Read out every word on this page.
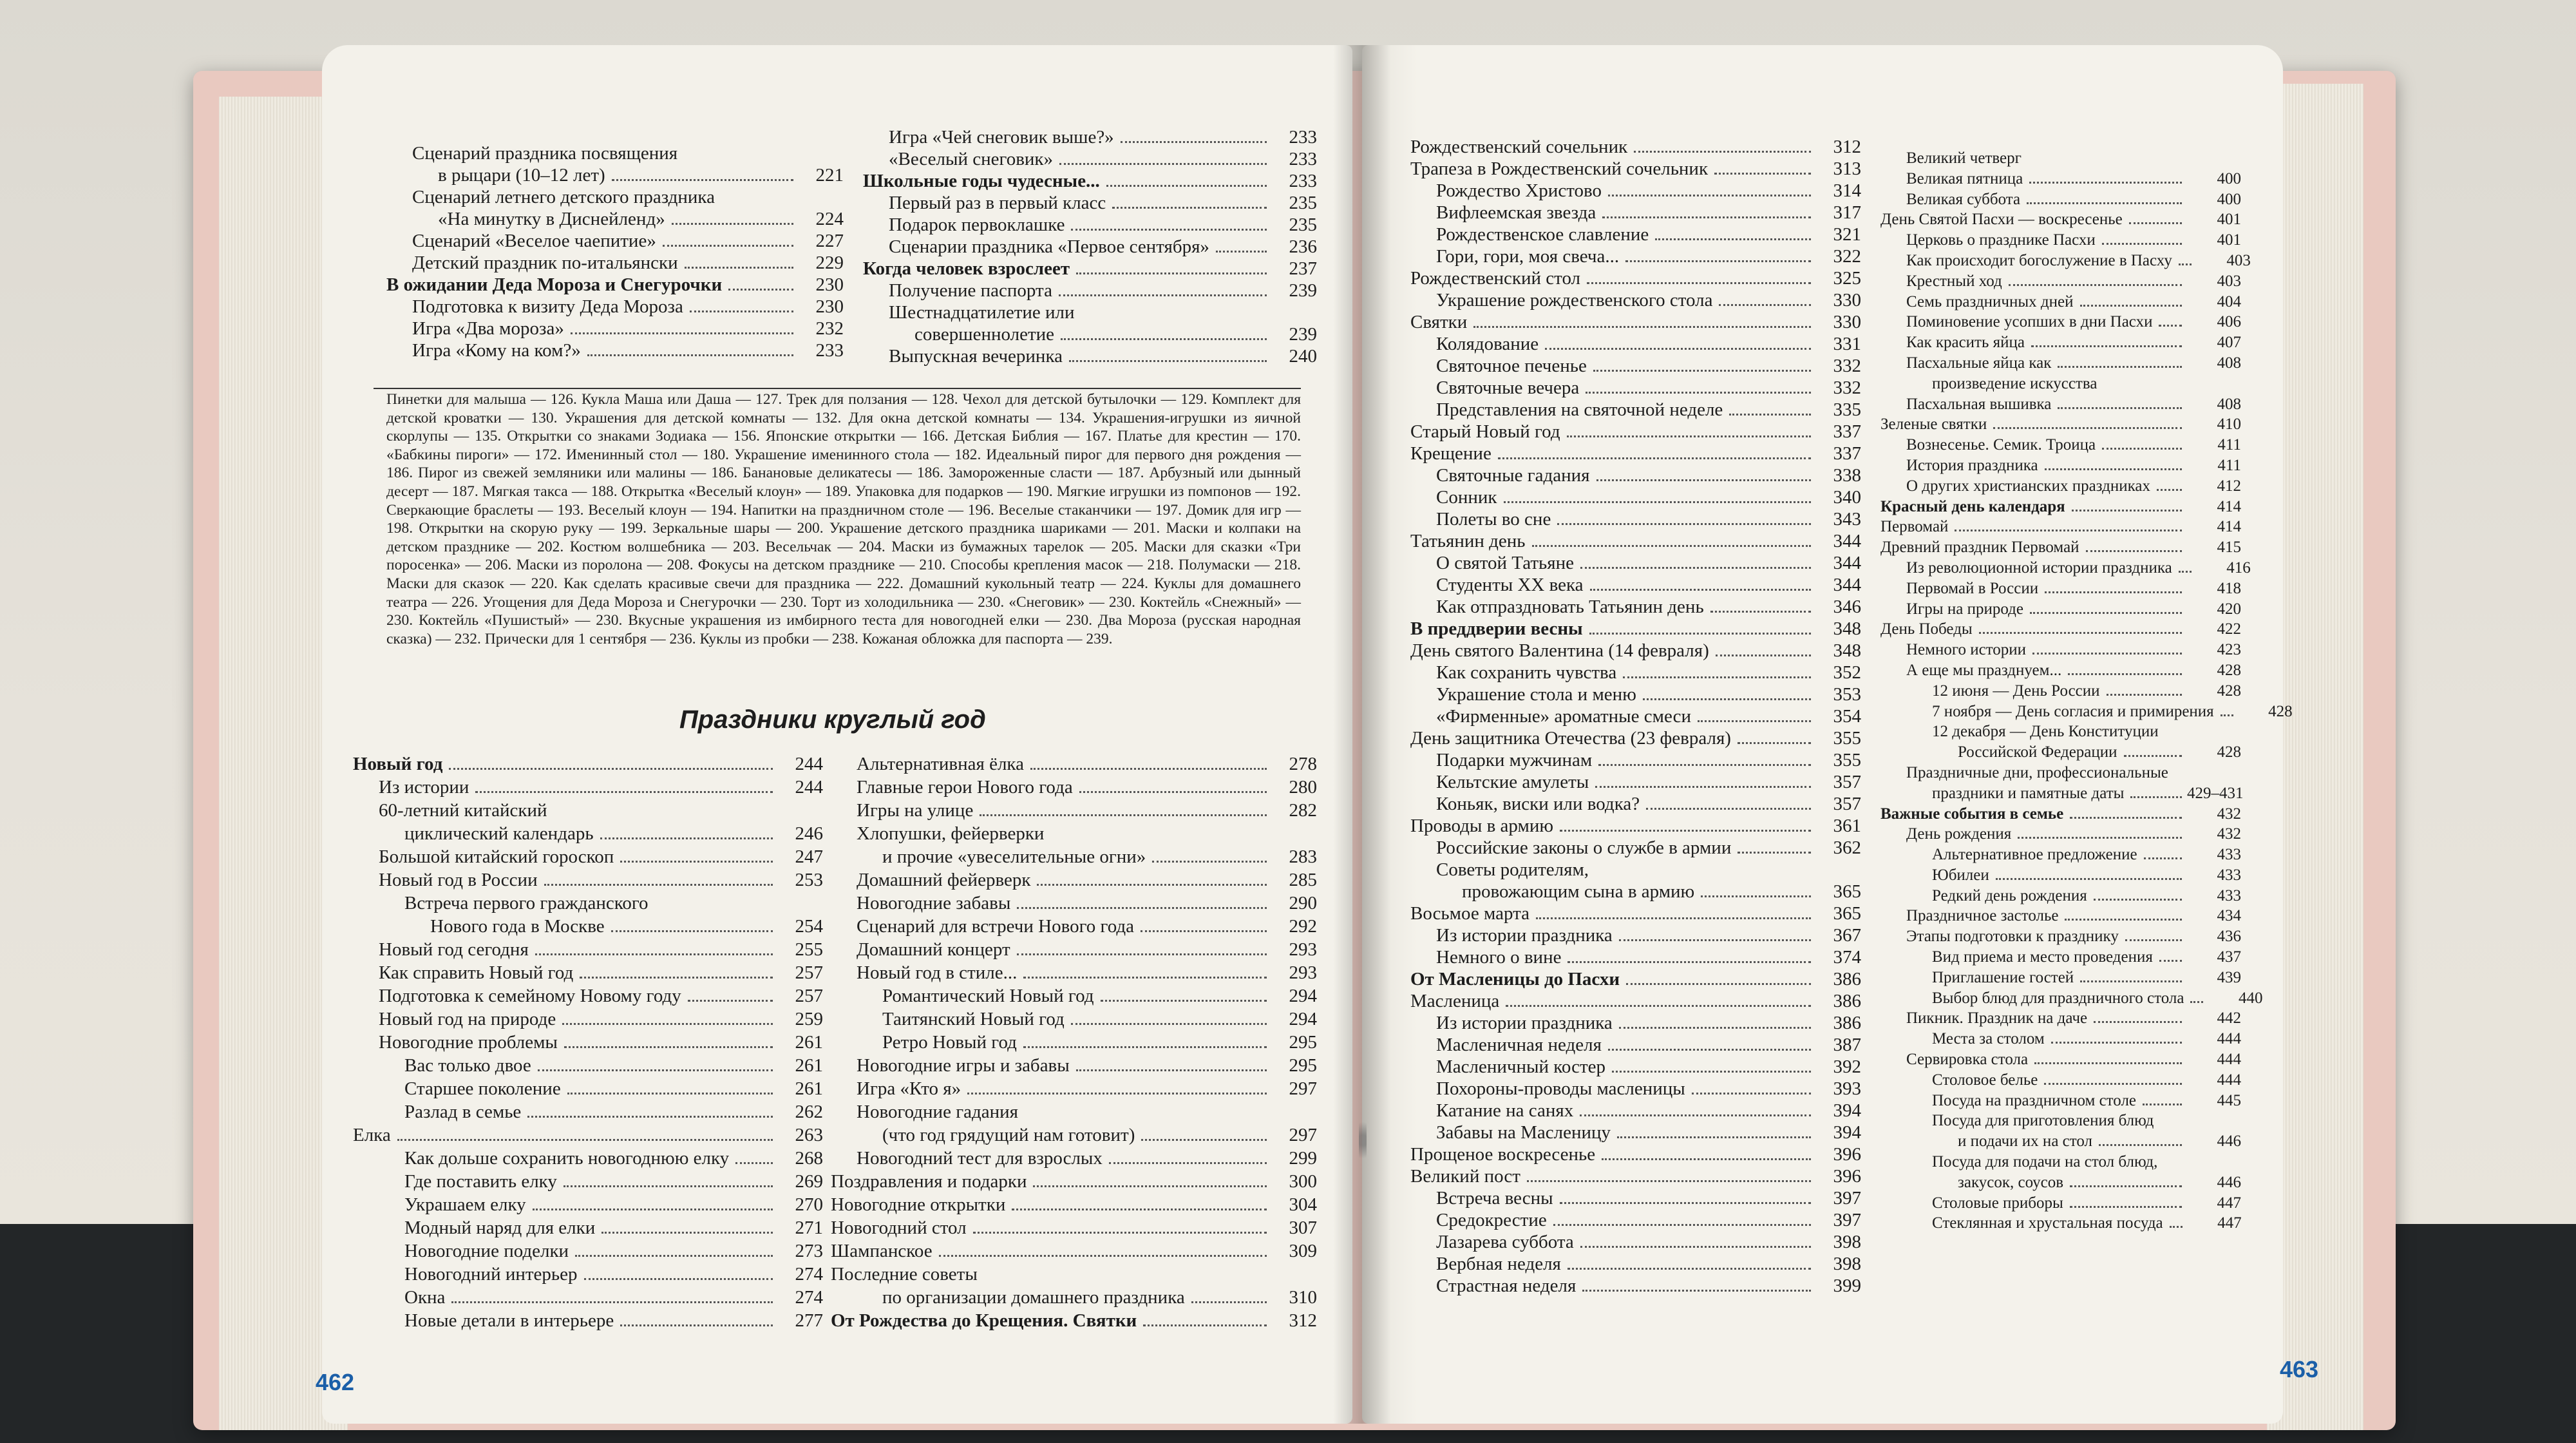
Сценарий праздника посвящения
в рыцари (10–12 лет)	221
Сценарий летнего детского праздника
«На минутку в Диснейленд»	224
Сценарий «Веселое чаепитие»	227
Детский праздник по-итальянски	229
В ожидании Деда Мороза и Снегурочки	230
Подготовка к визиту Деда Мороза	230
Игра «Два мороза»	232
Игра «Кому на ком?»	233
Игра «Чей снеговик выше?»	233
«Веселый снеговик»	233
Школьные годы чудесные...	233
Первый раз в первый класс	235
Подарок первоклашке	235
Сценарии праздника «Первое сентября»	236
Когда человек взрослеет	237
Получение паспорта	239
Шестнадцатилетие или
совершеннолетие	239
Выпускная вечеринка	240
Пинетки для малыша — 126. Кукла Маша или Даша — 127. Трек для ползания — 128. Чехол для детской бутылочки — 129. Комплект для детской кроватки — 130. Украшения для детской комнаты — 132. Для окна детской комнаты — 134. Украшения-игрушки из яичной скорлупы — 135. Открытки со знаками Зодиака — 156. Японские открытки — 166. Детская Библия — 167. Платье для крестин — 170. «Бабкины пироги» — 172. Именинный стол — 180. Украшение именинного стола — 182. Идеальный пирог для первого дня рождения — 186. Пирог из свежей земляники или малины — 186. Банановые деликатесы — 186. Замороженные сласти — 187. Арбузный или дынный десерт — 187. Мягкая такса — 188. Открытка «Веселый клоун» — 189. Упаковка для подарков — 190. Мягкие игрушки из помпонов — 192. Сверкающие браслеты — 193. Веселый клоун — 194. Напитки на праздничном столе — 196. Веселые стаканчики — 197. Домик для игр — 198. Открытки на скорую руку — 199. Зеркальные шары — 200. Украшение детского праздника шариками — 201. Маски и колпаки на детском празднике — 202. Костюм волшебника — 203. Весельчак — 204. Маски из бумажных тарелок — 205. Маски для сказки «Три поросенка» — 206. Маски из поролона — 208. Фокусы на детском празднике — 210. Способы крепления масок — 218. Полумаски — 218. Маски для сказок — 220. Как сделать красивые свечи для праздника — 222. Домашний кукольный театр — 224. Куклы для домашнего театра — 226. Угощения для Деда Мороза и Снегурочки — 230. Торт из холодильника — 230. «Снеговик» — 230. Коктейль «Снежный» — 230. Коктейль «Пушистый» — 230. Вкусные украшения из имбирного теста для новогодней елки — 230. Два Мороза (русская народная сказка) — 232. Прически для 1 сентября — 236. Куклы из пробки — 238. Кожаная обложка для паспорта — 239.
Праздники круглый год
Новый год	244
Из истории	244
60-летний китайский
циклический календарь	246
Большой китайский гороскоп	247
Новый год в России	253
Встреча первого гражданского
Нового года в Москве	254
Новый год сегодня	255
Как справить Новый год	257
Подготовка к семейному Новому году	257
Новый год на природе	259
Новогодние проблемы	261
Вас только двое	261
Старшее поколение	261
Разлад в семье	262
Елка	263
Как дольше сохранить новогоднюю елку	268
Где поставить елку	269
Украшаем елку	270
Модный наряд для елки	271
Новогодние поделки	273
Новогодний интерьер	274
Окна	274
Новые детали в интерьере	277
Альтернативная ёлка	278
Главные герои Нового года	280
Игры на улице	282
Хлопушки, фейерверки
и прочие «увеселительные огни»	283
Домашний фейерверк	285
Новогодние забавы	290
Сценарий для встречи Нового года	292
Домашний концерт	293
Новый год в стиле...	293
Романтический Новый год	294
Таитянский Новый год	294
Ретро Новый год	295
Новогодние игры и забавы	295
Игра «Кто я»	297
Новогодние гадания
(что год грядущий нам готовит)	297
Новогодний тест для взрослых	299
Поздравления и подарки	300
Новогодние открытки	304
Новогодний стол	307
Шампанское	309
Последние советы
по организации домашнего праздника	310
От Рождества до Крещения. Святки	312
Рождественский сочельник	312
Трапеза в Рождественский сочельник	313
Рождество Христово	314
Вифлеемская звезда	317
Рождественское славление	321
Гори, гори, моя свеча...	322
Рождественский стол	325
Украшение рождественского стола	330
Святки	330
Колядование	331
Святочное печенье	332
Святочные вечера	332
Представления на святочной неделе	335
Старый Новый год	337
Крещение	337
Святочные гадания	338
Сонник	340
Полеты во сне	343
Татьянин день	344
О святой Татьяне	344
Студенты XX века	344
Как отпраздновать Татьянин день	346
В преддверии весны	348
День святого Валентина (14 февраля)	348
Как сохранить чувства	352
Украшение стола и меню	353
«Фирменные» ароматные смеси	354
День защитника Отечества (23 февраля)	355
Подарки мужчинам	355
Кельтские амулеты	357
Коньяк, виски или водка?	357
Проводы в армию	361
Российские законы о службе в армии	362
Советы родителям,
провожающим сына в армию	365
Восьмое марта	365
Из истории праздника	367
Немного о вине	374
От Масленицы до Пасхи	386
Масленица	386
Из истории праздника	386
Масленичная неделя	387
Масленичный костер	392
Похороны-проводы масленицы	393
Катание на санях	394
Забавы на Масленицу	394
Прощеное воскресенье	396
Великий пост	396
Встреча весны	397
Средокрестие	397
Лазарева суббота	398
Вербная неделя	398
Страстная неделя	399
Великий четверг
Великая пятница	400
Великая суббота	400
День Святой Пасхи — воскресенье	401
Церковь о празднике Пасхи	401
Как происходит богослужение в Пасху	403
Крестный ход	403
Семь праздничных дней	404
Поминовение усопших в дни Пасхи	406
Как красить яйца	407
Пасхальные яйца как	408
произведение искусства
Пасхальная вышивка	408
Зеленые святки	410
Вознесенье. Семик. Троица	411
История праздника	411
О других христианских праздниках	412
Красный день календаря	414
Первомай	414
Древний праздник Первомай	415
Из революционной истории праздника	416
Первомай в России	418
Игры на природе	420
День Победы	422
Немного истории	423
А еще мы празднуем...	428
12 июня — День России	428
7 ноября — День согласия и примирения	428
12 декабря — День Конституции
Российской Федерации	428
Праздничные дни, профессиональные
праздники и памятные даты	429–431
Важные события в семье	432
День рождения	432
Альтернативное предложение	433
Юбилеи	433
Редкий день рождения	433
Праздничное застолье	434
Этапы подготовки к празднику	436
Вид приема и место проведения	437
Приглашение гостей	439
Выбор блюд для праздничного стола	440
Пикник. Праздник на даче	442
Места за столом	444
Сервировка стола	444
Столовое белье	444
Посуда на праздничном столе	445
Посуда для приготовления блюд
и подачи их на стол	446
Посуда для подачи на стол блюд,
закусок, соусов	446
Столовые приборы	447
Стеклянная и хрустальная посуда	447
462	463
